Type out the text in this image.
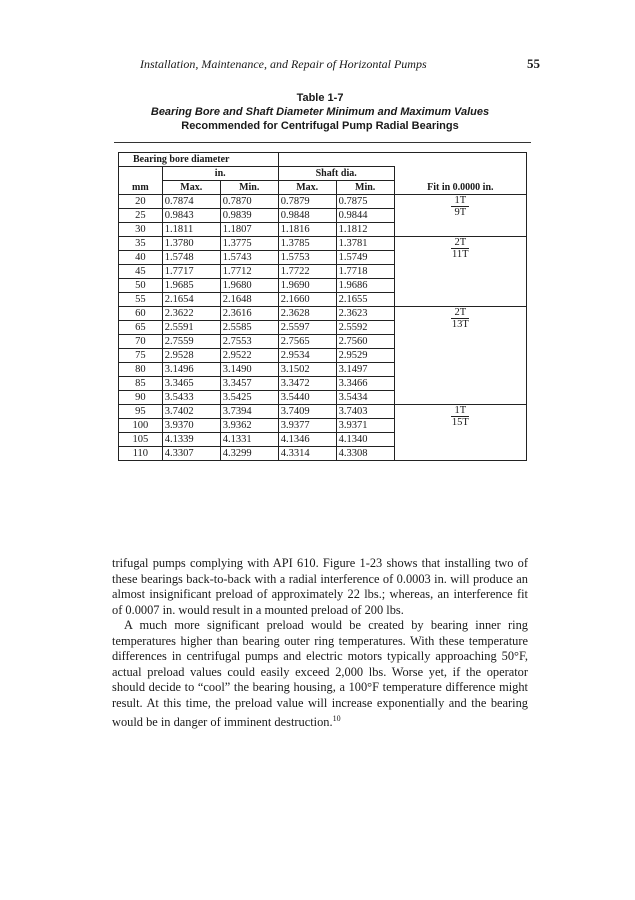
Installation, Maintenance, and Repair of Horizontal Pumps	55
Table 1-7
Bearing Bore and Shaft Diameter Minimum and Maximum Values
Recommended for Centrifugal Pump Radial Bearings
Bearing bore diameter					
	in.		Shaft dia.		
mm	Max.	Min.	Max.	Min.	Fit in 0.0000 in.
20	0.7874	0.7870	0.7879	0.7875	$\frac{1T}{9T}$

25	0.9843	0.9839	0.9848	0.9844	
30	1.1811	1.1807	1.1816	1.1812	
35	1.3780	1.3775	1.3785	1.3781	$\frac{2T}{11T}$

40	1.5748	1.5743	1.5753	1.5749	
45	1.7717	1.7712	1.7722	1.7718	
50	1.9685	1.9680	1.9690	1.9686	
55	2.1654	2.1648	2.1660	2.1655	
60	2.3622	2.3616	2.3628	2.3623	$\frac{2T}{13T}$

65	2.5591	2.5585	2.5597	2.5592	
70	2.7559	2.7553	2.7565	2.7560	
75	2.9528	2.9522	2.9534	2.9529	
80	3.1496	3.1490	3.1502	3.1497	
85	3.3465	3.3457	3.3472	3.3466	
90	3.5433	3.5425	3.5440	3.5434	
95	3.7402	3.7394	3.7409	3.7403	$\frac{1T}{15T}$

100	3.9370	3.9362	3.9377	3.9371	
105	4.1339	4.1331	4.1346	4.1340	
110	4.3307	4.3299	4.3314	4.3308	

trifugal pumps complying with API 610. Figure 1-23 shows that installing two of these bearings back-to-back with a radial interference of 0.0003 in. will produce an almost insignificant preload of approximately 22 lbs.; whereas, an interference fit of 0.0007 in. would result in a mounted preload of 200 lbs.

A much more significant preload would be created by bearing inner ring temperatures higher than bearing outer ring temperatures. With these temperature differences in centrifugal pumps and electric motors typically approaching 50°F, actual preload values could easily exceed 2,000 lbs. Worse yet, if the operator should decide to “cool” the bearing housing, a 100°F temperature difference might result. At this time, the preload value will increase exponentially and the bearing would be in danger of imminent destruction.$^{10}$
